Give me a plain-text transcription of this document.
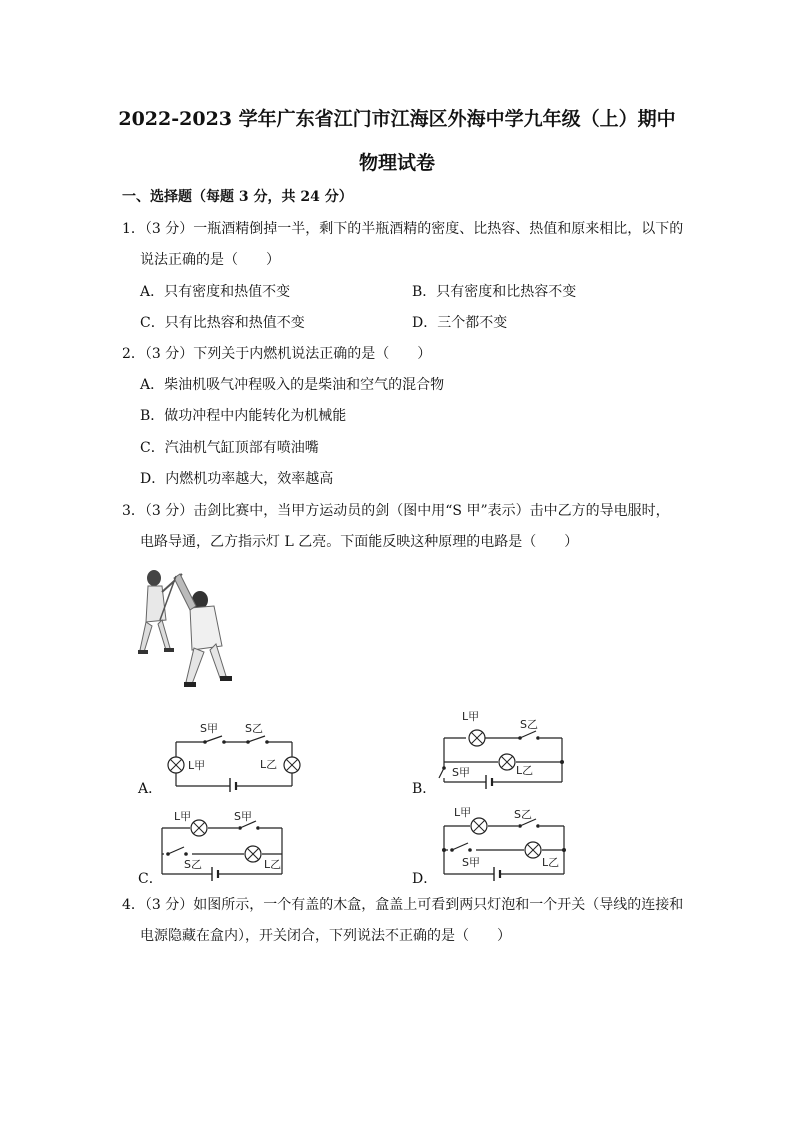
2022-2023 学年广东省江门市江海区外海中学九年级（上）期中
物理试卷
一、选择题（每题 3 分，共 24 分）
1．（3 分）一瓶酒精倒掉一半，剩下的半瓶酒精的密度、比热容、热值和原来相比，以下的
说法正确的是（　　）
A．只有密度和热值不变	B．只有密度和比热容不变
C．只有比热容和热值不变	D．三个都不变
2．（3 分）下列关于内燃机说法正确的是（　　）
A．柴油机吸气冲程吸入的是柴油和空气的混合物
B．做功冲程中内能转化为机械能
C．汽油机气缸顶部有喷油嘴
D．内燃机功率越大，效率越高
3．（3 分）击剑比赛中，当甲方运动员的剑（图中用“S 甲”表示）击中乙方的导电服时，
电路导通，乙方指示灯 L 乙亮。下面能反映这种原理的电路是（　　）
S甲 S乙
L甲	L乙
A．
L甲
S乙
L乙
S甲
B．
L甲	S甲
S乙	L乙
C．
L甲	S乙
S甲	L乙
D．
4．（3 分）如图所示，一个有盖的木盒，盒盖上可看到两只灯泡和一个开关（导线的连接和
电源隐藏在盒内），开关闭合，下列说法不正确的是（　　）
